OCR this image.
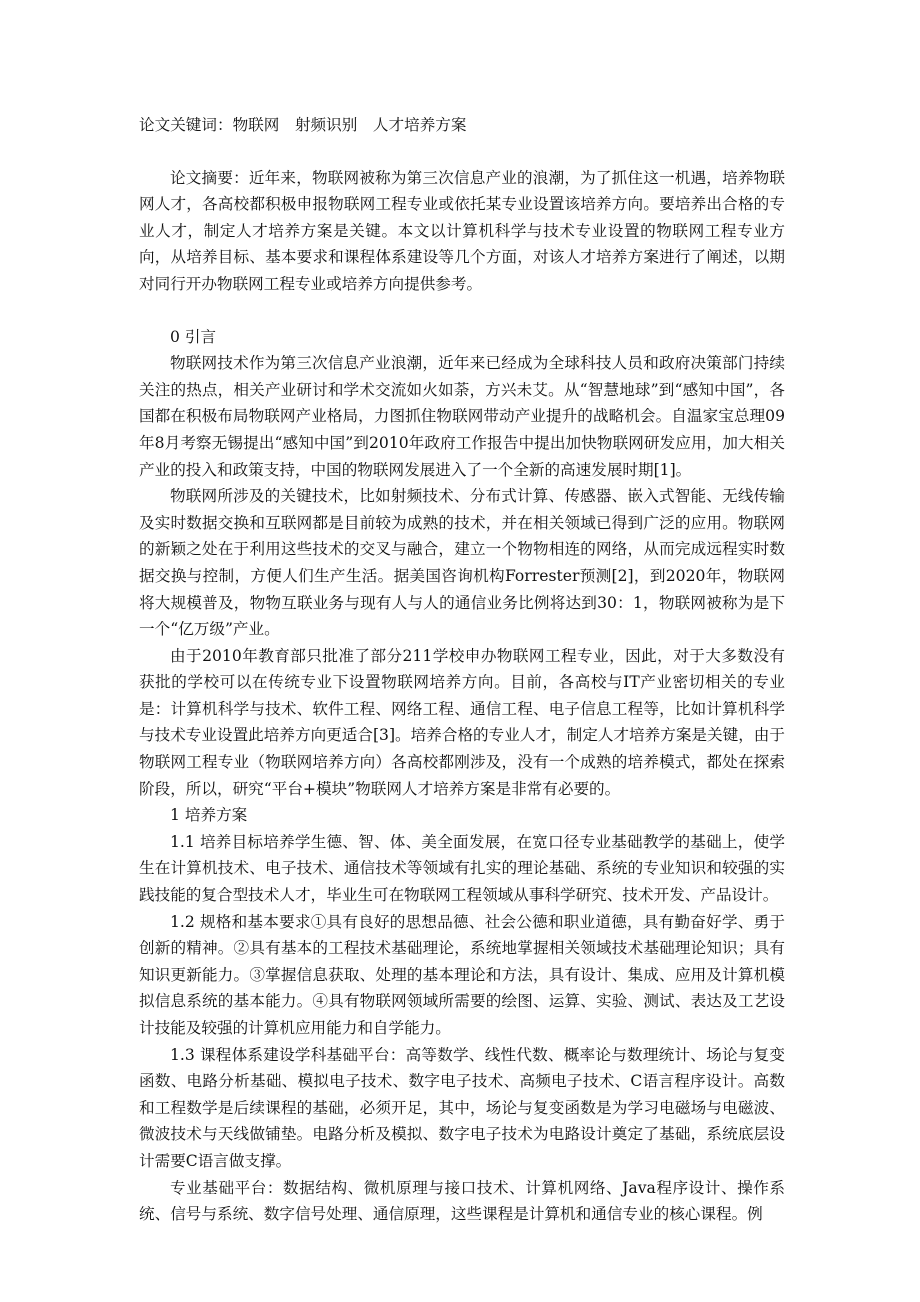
论文关键词：物联网　射频识别　人才培养方案

论文摘要：近年来，物联网被称为第三次信息产业的浪潮，为了抓住这一机遇，培养物联网人才，各高校都积极申报物联网工程专业或依托某专业设置该培养方向。要培养出合格的专业人才，制定人才培养方案是关键。本文以计算机科学与技术专业设置的物联网工程专业方向，从培养目标、基本要求和课程体系建设等几个方面，对该人才培养方案进行了阐述，以期对同行开办物联网工程专业或培养方向提供参考。

0 引言

物联网技术作为第三次信息产业浪潮，近年来已经成为全球科技人员和政府决策部门持续关注的热点，相关产业研讨和学术交流如火如荼，方兴未艾。从“智慧地球”到“感知中国”，各国都在积极布局物联网产业格局，力图抓住物联网带动产业提升的战略机会。自温家宝总理09年8月考察无锡提出“感知中国”到2010年政府工作报告中提出加快物联网研发应用，加大相关产业的投入和政策支持，中国的物联网发展进入了一个全新的高速发展时期[1]。

物联网所涉及的关键技术，比如射频技术、分布式计算、传感器、嵌入式智能、无线传输及实时数据交换和互联网都是目前较为成熟的技术，并在相关领域已得到广泛的应用。物联网的新颖之处在于利用这些技术的交叉与融合，建立一个物物相连的网络，从而完成远程实时数据交换与控制，方便人们生产生活。据美国咨询机构Forrester预测[2]，到2020年，物联网将大规模普及，物物互联业务与现有人与人的通信业务比例将达到30：1，物联网被称为是下一个“亿万级”产业。

由于2010年教育部只批准了部分211学校申办物联网工程专业，因此，对于大多数没有获批的学校可以在传统专业下设置物联网培养方向。目前，各高校与IT产业密切相关的专业是：计算机科学与技术、软件工程、网络工程、通信工程、电子信息工程等，比如计算机科学与技术专业设置此培养方向更适合[3]。培养合格的专业人才，制定人才培养方案是关键，由于物联网工程专业（物联网培养方向）各高校都刚涉及，没有一个成熟的培养模式，都处在探索阶段，所以，研究“平台+模块”物联网人才培养方案是非常有必要的。

1 培养方案

1.1 培养目标培养学生德、智、体、美全面发展，在宽口径专业基础教学的基础上，使学生在计算机技术、电子技术、通信技术等领域有扎实的理论基础、系统的专业知识和较强的实践技能的复合型技术人才，毕业生可在物联网工程领域从事科学研究、技术开发、产品设计。

1.2 规格和基本要求①具有良好的思想品德、社会公德和职业道德，具有勤奋好学、勇于创新的精神。②具有基本的工程技术基础理论，系统地掌握相关领域技术基础理论知识；具有知识更新能力。③掌握信息获取、处理的基本理论和方法，具有设计、集成、应用及计算机模拟信息系统的基本能力。④具有物联网领域所需要的绘图、运算、实验、测试、表达及工艺设计技能及较强的计算机应用能力和自学能力。

1.3 课程体系建设学科基础平台：高等数学、线性代数、概率论与数理统计、场论与复变函数、电路分析基础、模拟电子技术、数字电子技术、高频电子技术、C语言程序设计。高数和工程数学是后续课程的基础，必须开足，其中，场论与复变函数是为学习电磁场与电磁波、微波技术与天线做铺垫。电路分析及模拟、数字电子技术为电路设计奠定了基础，系统底层设计需要C语言做支撑。

专业基础平台：数据结构、微机原理与接口技术、计算机网络、Java程序设计、操作系统、信号与系统、数字信号处理、通信原理，这些课程是计算机和通信专业的核心课程。例
